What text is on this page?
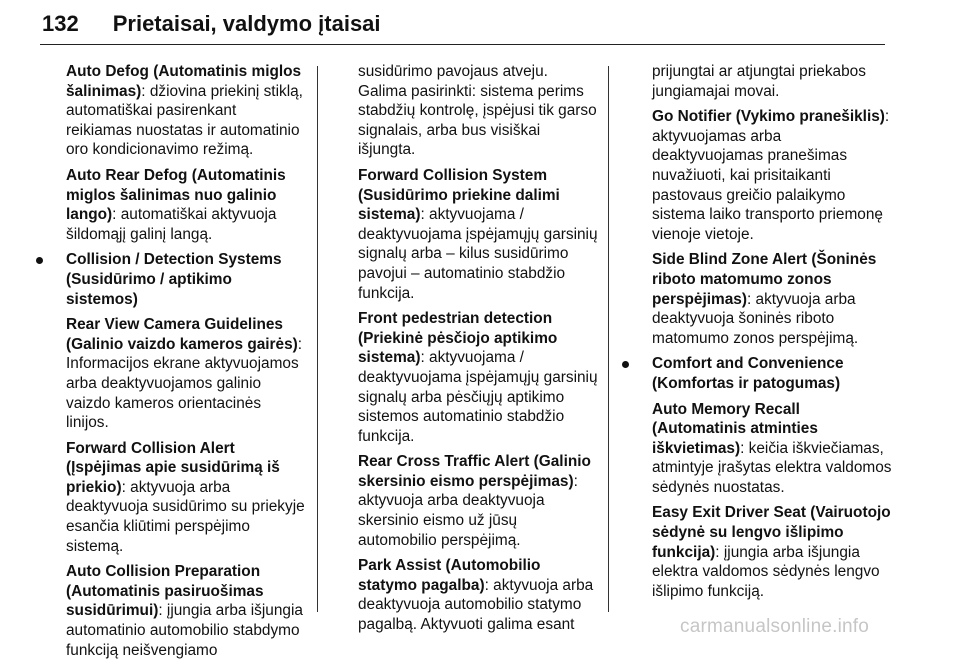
132 Prietaisai, valdymo įtaisai

Auto Defog (Automatinis miglos šalinimas): džiovina priekinį stiklą, automatiškai pasirenkant reikiamas nuostatas ir automatinio oro kondicionavimo režimą.

Auto Rear Defog (Automatinis miglos šalinimas nuo galinio lango): automatiškai aktyvuoja šildomąjį galinį langą.

Collision / Detection Systems (Susidūrimo / aptikimo sistemos)

Rear View Camera Guidelines (Galinio vaizdo kameros gairės): Informacijos ekrane aktyvuojamos arba deaktyvuojamos galinio vaizdo kameros orientacinės linijos.

Forward Collision Alert (Įspėjimas apie susidūrimą iš priekio): aktyvuoja arba deaktyvuoja susidūrimo su priekyje esančia kliūtimi perspėjimo sistemą.

Auto Collision Preparation (Automatinis pasiruošimas susidūrimui): įjungia arba išjungia automatinio automobilio stabdymo funkciją neišvengiamo

susidūrimo pavojaus atveju. Galima pasirinkti: sistema perims stabdžių kontrolę, įspėjusi tik garso signalais, arba bus visiškai išjungta.

Forward Collision System (Susidūrimo priekine dalimi sistema): aktyvuojama / deaktyvuojama įspėjamųjų garsinių signalų arba – kilus susidūrimo pavojui – automatinio stabdžio funkcija.

Front pedestrian detection (Priekinė pėsčiojo aptikimo sistema): aktyvuojama / deaktyvuojama įspėjamųjų garsinių signalų arba pėsčiųjų aptikimo sistemos automatinio stabdžio funkcija.

Rear Cross Traffic Alert (Galinio skersinio eismo perspėjimas): aktyvuoja arba deaktyvuoja skersinio eismo už jūsų automobilio perspėjimą.

Park Assist (Automobilio statymo pagalba): aktyvuoja arba deaktyvuoja automobilio statymo pagalbą. Aktyvuoti galima esant

prijungtai ar atjungtai priekabos jungiamajai movai.

Go Notifier (Vykimo pranešiklis): aktyvuojamas arba deaktyvuojamas pranešimas nuvažiuoti, kai prisitaikanti pastovaus greičio palaikymo sistema laiko transporto priemonę vienoje vietoje.

Side Blind Zone Alert (Šoninės riboto matomumo zonos perspėjimas): aktyvuoja arba deaktyvuoja šoninės riboto matomumo zonos perspėjimą.

Comfort and Convenience (Komfortas ir patogumas)

Auto Memory Recall (Automatinis atminties iškvietimas): keičia iškviečiamas, atmintyje įrašytas elektra valdomos sėdynės nuostatas.

Easy Exit Driver Seat (Vairuotojo sėdynė su lengvo išlipimo funkcija): įjungia arba išjungia elektra valdomos sėdynės lengvo išlipimo funkciją.

carmanualsonline.info
